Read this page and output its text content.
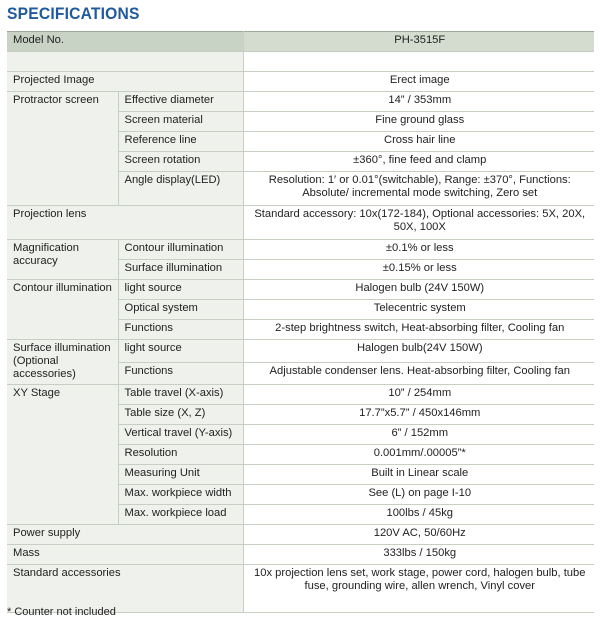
SPECIFICATIONS
Model No.		PH-3515F

Projected Image		Erect image
Protractor screen	Effective diameter	14” / 353mm
	Screen material	Fine ground glass
	Reference line	Cross hair line
	Screen rotation	±360°, fine feed and clamp
	Angle display(LED)	Resolution: 1′ or 0.01°(switchable), Range: ±370°, Functions: Absolute/ incremental mode switching, Zero set
Projection lens		Standard accessory: 10x(172-184), Optional accessories: 5X, 20X, 50X, 100X
Magnification accuracy	Contour illumination	±0.1% or less
	Surface illumination	±0.15% or less
Contour illumination	light source	Halogen bulb (24V 150W)
	Optical system	Telecentric system
	Functions	2-step brightness switch, Heat-absorbing filter, Cooling fan
Surface illumination (Optional accessories)	light source	Halogen bulb(24V 150W)
	Functions	Adjustable condenser lens. Heat-absorbing filter, Cooling fan
XY Stage	Table travel (X-axis)	10” / 254mm
	Table size (X, Z)	17.7”x5.7” / 450x146mm
	Vertical travel (Y-axis)	6” / 152mm
	Resolution	0.001mm/.00005”*
	Measuring Unit	Built in Linear scale
	Max. workpiece width	See (L) on page I-10
	Max. workpiece load	100lbs / 45kg
Power supply		120V AC, 50/60Hz
Mass		333lbs / 150kg
Standard accessories		10x projection lens set, work stage, power cord, halogen bulb, tube fuse, grounding wire, allen wrench, Vinyl cover
* Counter not included
